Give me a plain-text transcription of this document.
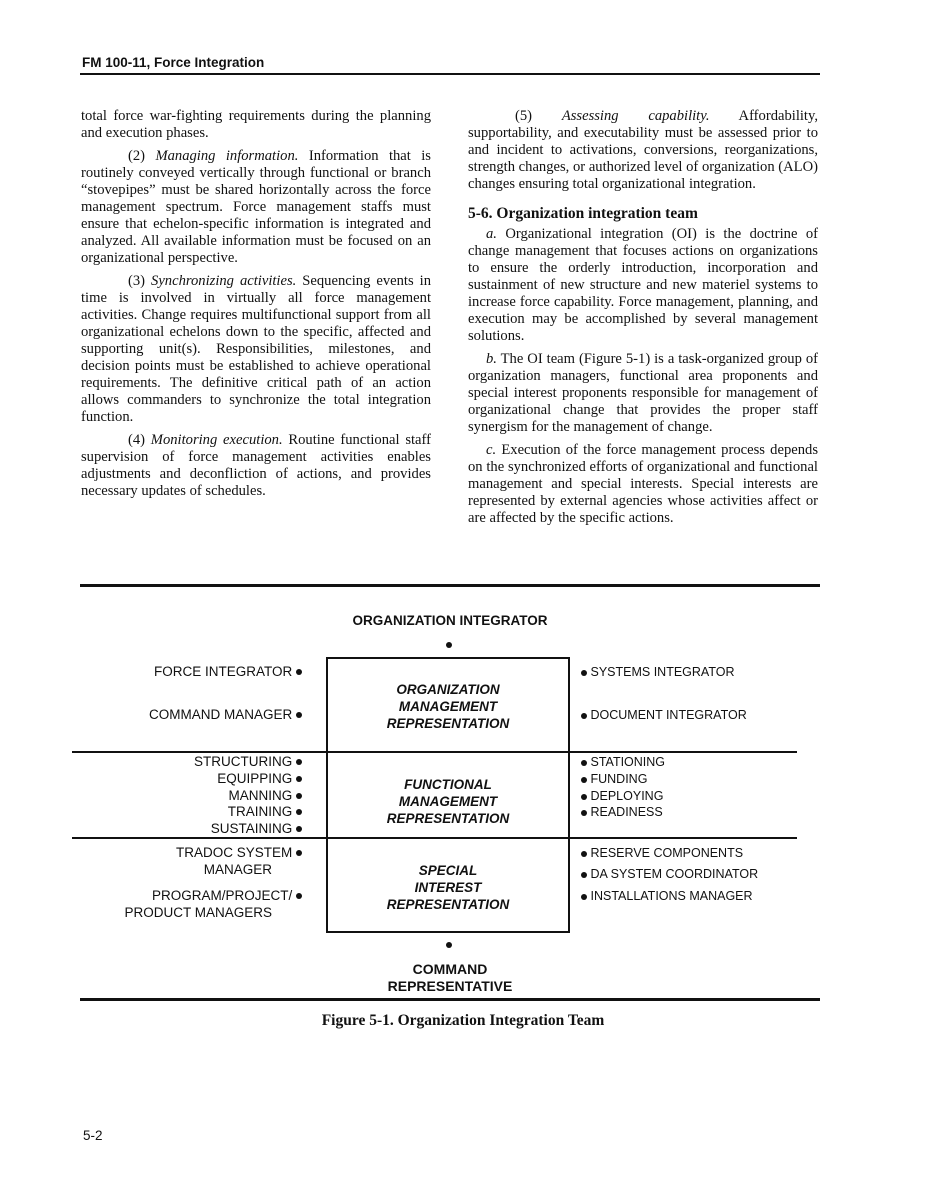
FM 100-11, Force Integration

total force war-fighting requirements during the planning and execution phases.

(2) Managing information. Information that is routinely conveyed vertically through functional or branch “stovepipes” must be shared horizontally across the force management spectrum. Force management staffs must ensure that echelon-specific information is integrated and analyzed. All available information must be focused on an organizational perspective.

(3) Synchronizing activities. Sequencing events in time is involved in virtually all force management activities. Change requires multifunctional support from all organizational echelons down to the specific, affected and supporting unit(s). Responsibilities, milestones, and decision points must be established to achieve operational requirements. The definitive critical path of an action allows commanders to synchronize the total integration function.

(4) Monitoring execution. Routine functional staff supervision of force management activities enables adjustments and deconfliction of actions, and provides necessary updates of schedules.

(5) Assessing capability. Affordability, supportability, and executability must be assessed prior to and incident to activations, conversions, reorganizations, strength changes, or authorized level of organization (ALO) changes ensuring total organizational integration.

5-6. Organization integration team

a. Organizational integration (OI) is the doctrine of change management that focuses actions on organizations to ensure the orderly introduction, incorporation and sustainment of new structure and new materiel systems to increase force capability. Force management, planning, and execution may be accomplished by several management solutions.

b. The OI team (Figure 5-1) is a task-organized group of organization managers, functional area proponents and special interest proponents responsible for management of organizational change that provides the proper staff synergism for the management of change.

c. Execution of the force management process depends on the synchronized efforts of organizational and functional management and special interests. Special interests are represented by external agencies whose activities affect or are affected by the specific actions.

ORGANIZATION INTEGRATOR
ORGANIZATION
MANAGEMENT
REPRESENTATION
FUNCTIONAL
MANAGEMENT
REPRESENTATION
SPECIAL
INTEREST
REPRESENTATION
FORCE INTEGRATOR
COMMAND MANAGER
SYSTEMS INTEGRATOR
DOCUMENT INTEGRATOR
STRUCTURING
EQUIPPING
MANNING
TRAINING
SUSTAINING
STATIONING
FUNDING
DEPLOYING
READINESS
TRADOC SYSTEM
MANAGER
PROGRAM/PROJECT/
PRODUCT MANAGERS
RESERVE COMPONENTS
DA SYSTEM COORDINATOR
INSTALLATIONS MANAGER
COMMAND
REPRESENTATIVE
Figure 5-1. Organization Integration Team
5-2
